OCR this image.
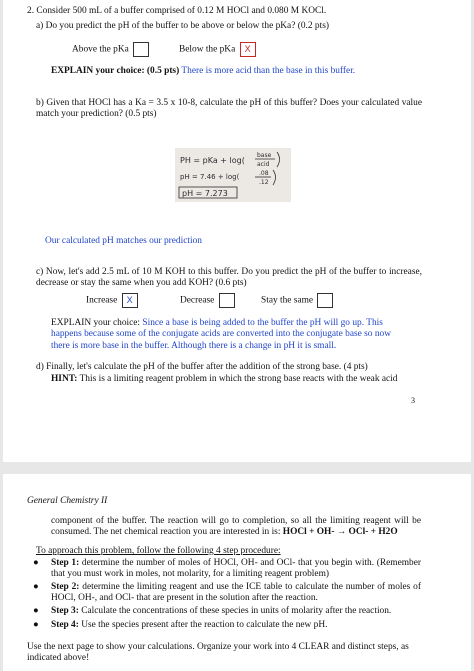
2. Consider 500 mL of a buffer comprised of 0.12 M HOCl and 0.080 M KOCl.
a) Do you predict the pH of the buffer to be above or below the pKa? (0.2 pts)
Above the pKa	Below the pKa X
EXPLAIN your choice: (0.5 pts) There is more acid than the base in this buffer.
b) Given that HOCl has a Ka = 3.5 x 10-8, calculate the pH of this buffer? Does your calculated value match your prediction? (0.5 pts)
PH = pKa + log(
base
acid
pH = 7.46 + log(	.08
.12
pH = 7.273
Our calculated pH matches our prediction
c) Now, let's add 2.5 mL of 10 M KOH to this buffer. Do you predict the pH of the buffer to increase, decrease or stay the same when you add KOH? (0.6 pts)
Increase X	Decrease	Stay the same
EXPLAIN your choice: Since a base is being added to the buffer the pH will go up. This happens because some of the conjugate acids are converted into the conjugate base so now there is more base in the buffer. Although there is a change in pH it is small.
d) Finally, let's calculate the pH of the buffer after the addition of the strong base. (4 pts)
HINT: This is a limiting reagent problem in which the strong base reacts with the weak acid
3
General Chemistry II
component of the buffer. The reaction will go to completion, so all the limiting reagent will be consumed. The net chemical reaction you are interested in is: HOCl + OH- → OCl- + H2O
To approach this problem, follow the following 4 step procedure:
● Step 1: determine the number of moles of HOCl, OH- and OCl- that you begin with. (Remember that you must work in moles, not molarity, for a limiting reagent problem)
● Step 2: determine the limiting reagent and use the ICE table to calculate the number of moles of HOCl, OH-, and OCl- that are present in the solution after the reaction.
● Step 3: Calculate the concentrations of these species in units of molarity after the reaction.
● Step 4: Use the species present after the reaction to calculate the new pH.
Use the next page to show your calculations. Organize your work into 4 CLEAR and distinct steps, as indicated above!
